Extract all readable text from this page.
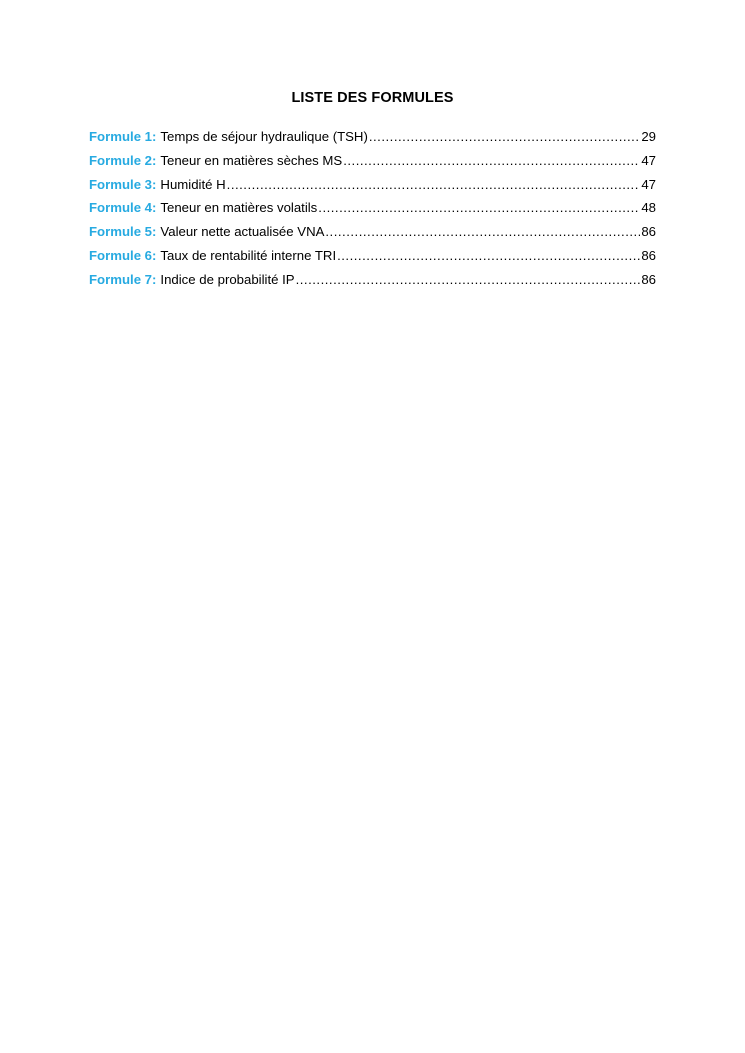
LISTE DES FORMULES
Formule 1: Temps de séjour hydraulique (TSH) .....	29
Formule 2: Teneur en matières sèches MS .....	47
Formule 3: Humidité H .....	47
Formule 4: Teneur en matières volatils .....	48
Formule 5: Valeur nette actualisée VNA .....	86
Formule 6: Taux de rentabilité interne TRI .....	86
Formule 7: Indice de probabilité IP .....	86
